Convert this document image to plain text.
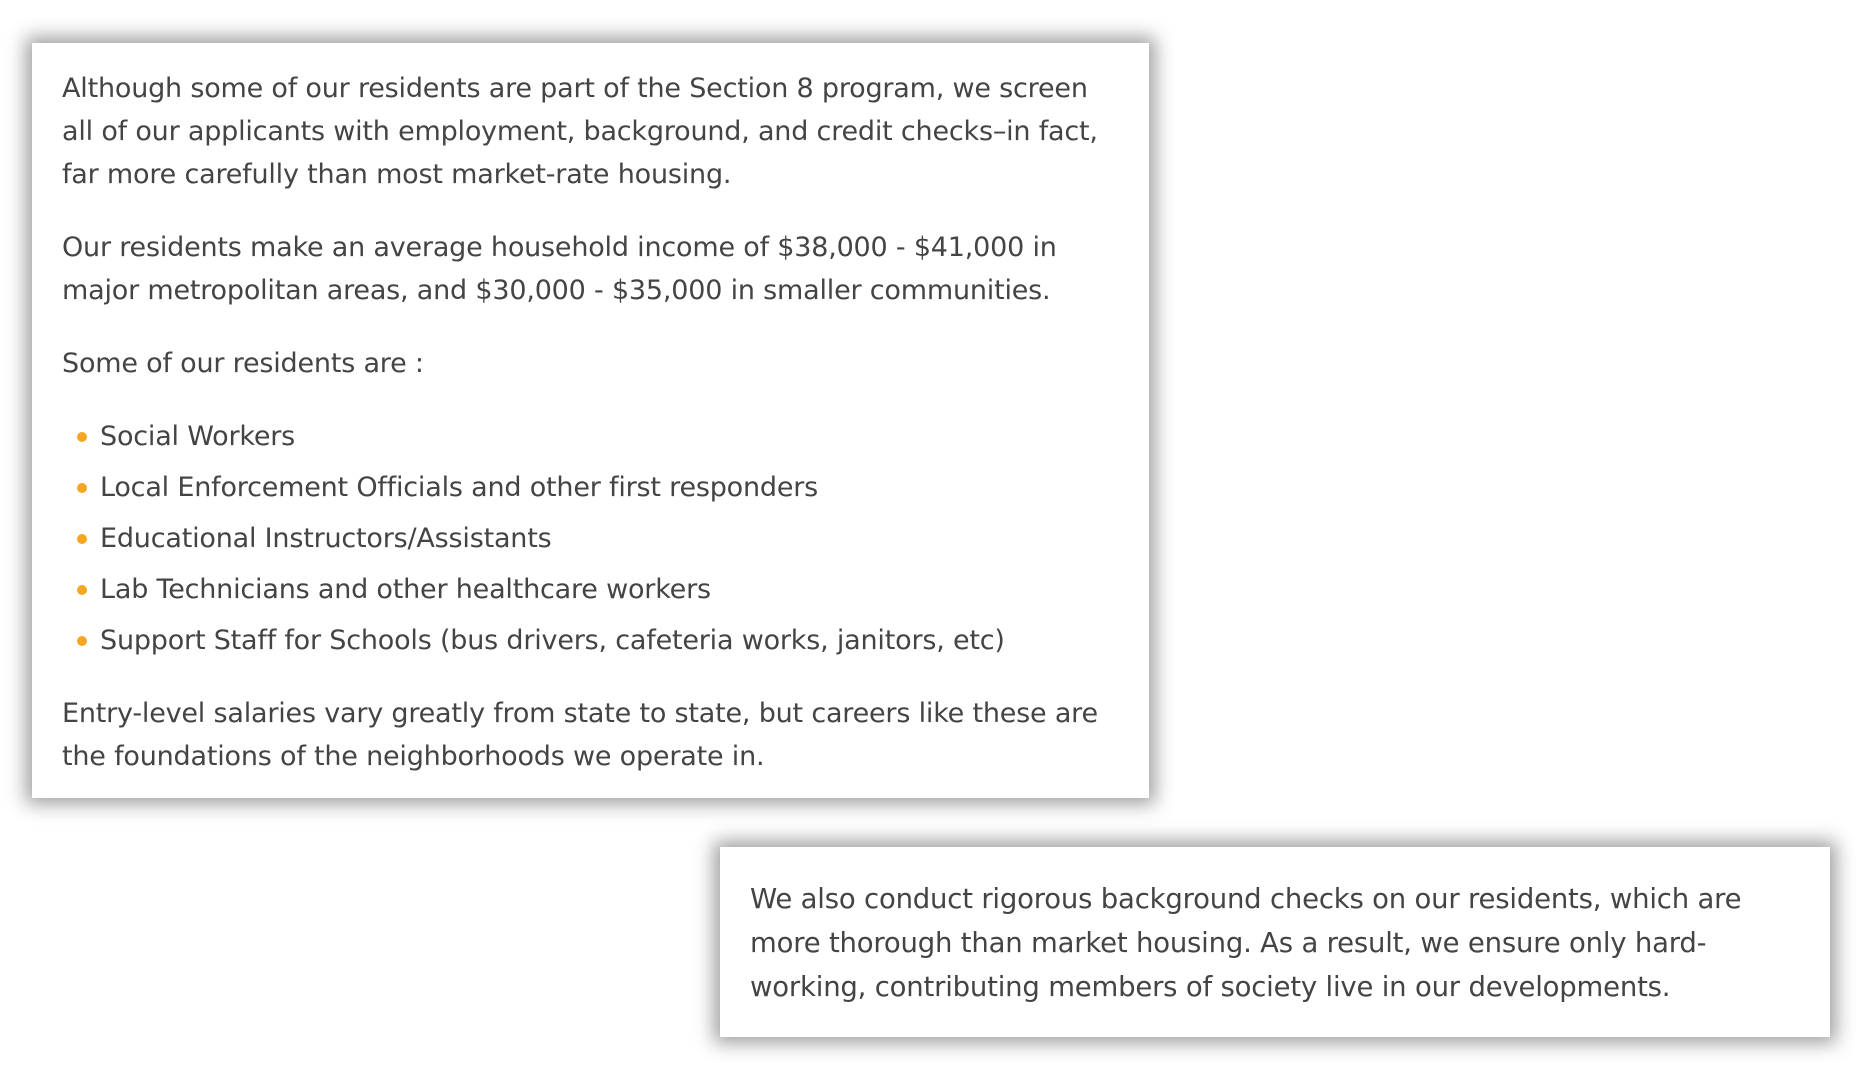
Although some of our residents are part of the Section 8 program, we screen all of our applicants with employment, background, and credit checks–in fact, far more carefully than most market-rate housing.

Our residents make an average household income of $38,000 - $41,000 in major metropolitan areas, and $30,000 - $35,000 in smaller communities.

Some of our residents are :

Social Workers
Local Enforcement Officials and other first responders
Educational Instructors/Assistants
Lab Technicians and other healthcare workers
Support Staff for Schools (bus drivers, cafeteria works, janitors, etc)

Entry-level salaries vary greatly from state to state, but careers like these are the foundations of the neighborhoods we operate in.

We also conduct rigorous background checks on our residents, which are more thorough than market housing. As a result, we ensure only hard-working, contributing members of society live in our developments.
